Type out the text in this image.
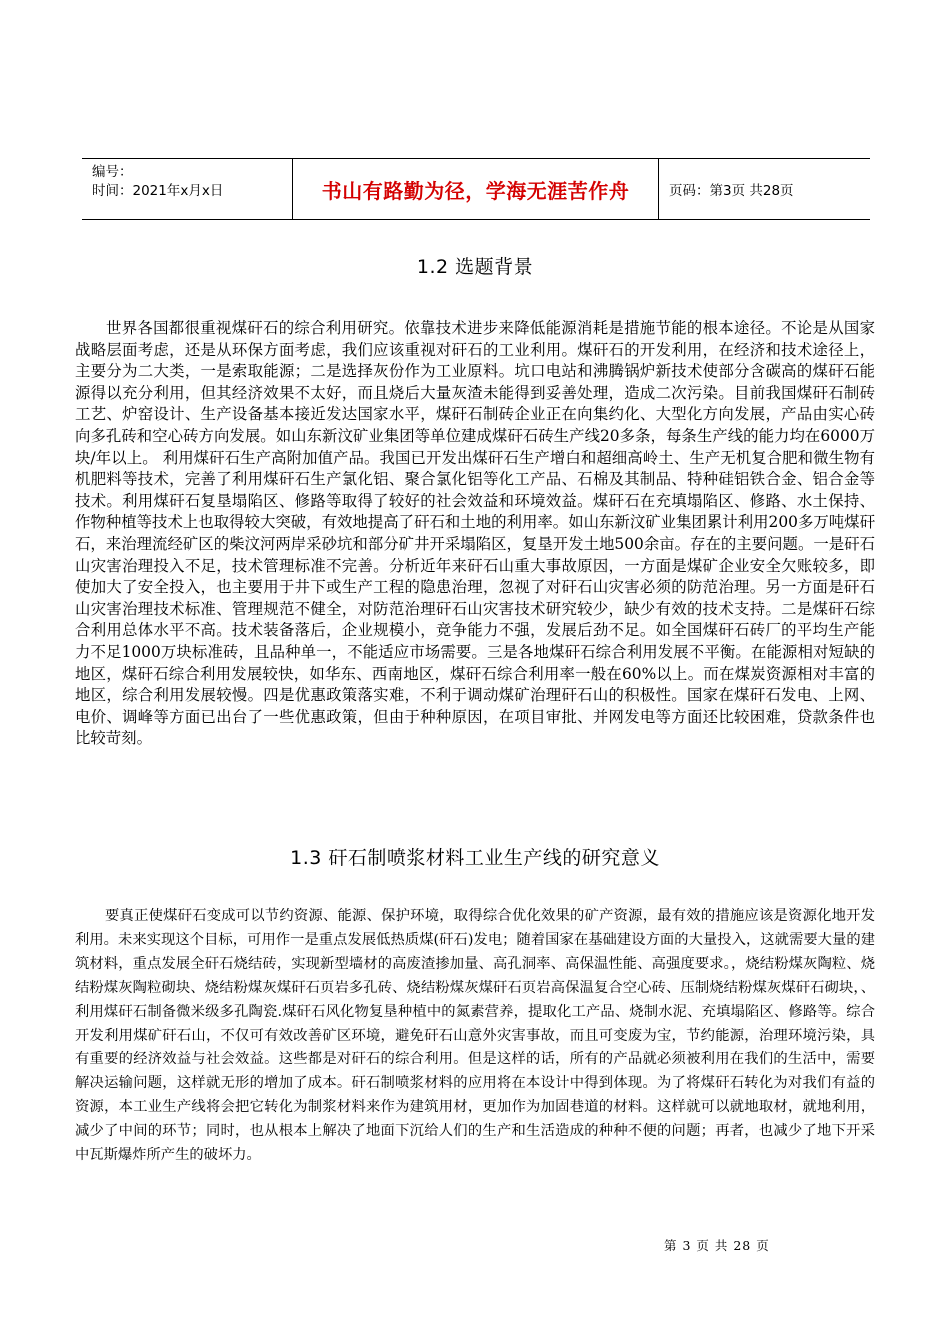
编号：
时间：2021年x月x日	书山有路勤为径，学海无涯苦作舟	页码：第3页 共28页
1.2 选题背景

世界各国都很重视煤矸石的综合利用研究。依靠技术进步来降低能源消耗是措施节能的根本途径。不论是从国家战略层面考虑，还是从环保方面考虑，我们应该重视对矸石的工业利用。煤矸石的开发利用，在经济和技术途径上，主要分为二大类，一是索取能源；二是选择灰份作为工业原料。坑口电站和沸腾锅炉新技术使部分含碳高的煤矸石能源得以充分利用，但其经济效果不太好，而且烧后大量灰渣未能得到妥善处理，造成二次污染。目前我国煤矸石制砖工艺、炉窑设计、生产设备基本接近发达国家水平，煤矸石制砖企业正在向集约化、大型化方向发展，产品由实心砖向多孔砖和空心砖方向发展。如山东新汶矿业集团等单位建成煤矸石砖生产线20多条，每条生产线的能力均在6000万块/年以上。 利用煤矸石生产高附加值产品。我国已开发出煤矸石生产增白和超细高岭土、生产无机复合肥和微生物有机肥料等技术，完善了利用煤矸石生产氯化铝、聚合氯化铝等化工产品、石棉及其制品、特种硅铝铁合金、铝合金等技术。利用煤矸石复垦塌陷区、修路等取得了较好的社会效益和环境效益。煤矸石在充填塌陷区、修路、水土保持、作物种植等技术上也取得较大突破，有效地提高了矸石和土地的利用率。如山东新汶矿业集团累计利用200多万吨煤矸石，来治理流经矿区的柴汶河两岸采砂坑和部分矿井开采塌陷区，复垦开发土地500余亩。存在的主要问题。一是矸石山灾害治理投入不足，技术管理标准不完善。分析近年来矸石山重大事故原因，一方面是煤矿企业安全欠账较多，即使加大了安全投入，也主要用于井下或生产工程的隐患治理，忽视了对矸石山灾害必须的防范治理。另一方面是矸石山灾害治理技术标准、管理规范不健全，对防范治理矸石山灾害技术研究较少，缺少有效的技术支持。二是煤矸石综合利用总体水平不高。技术装备落后，企业规模小，竞争能力不强，发展后劲不足。如全国煤矸石砖厂的平均生产能力不足1000万块标准砖，且品种单一，不能适应市场需要。三是各地煤矸石综合利用发展不平衡。在能源相对短缺的地区，煤矸石综合利用发展较快，如华东、西南地区，煤矸石综合利用率一般在60%以上。而在煤炭资源相对丰富的地区，综合利用发展较慢。四是优惠政策落实难，不利于调动煤矿治理矸石山的积极性。国家在煤矸石发电、上网、电价、调峰等方面已出台了一些优惠政策，但由于种种原因，在项目审批、并网发电等方面还比较困难，贷款条件也比较苛刻。

1.3 矸石制喷浆材料工业生产线的研究意义

要真正使煤矸石变成可以节约资源、能源、保护环境，取得综合优化效果的矿产资源，最有效的措施应该是资源化地开发利用。未来实现这个目标，可用作一是重点发展低热质煤(矸石)发电；随着国家在基础建设方面的大量投入，这就需要大量的建筑材料，重点发展全矸石烧结砖，实现新型墙材的高废渣掺加量、高孔洞率、高保温性能、高强度要求。，烧结粉煤灰陶粒、烧结粉煤灰陶粒砌块、烧结粉煤灰煤矸石页岩多孔砖、烧结粉煤灰煤矸石页岩高保温复合空心砖、压制烧结粉煤灰煤矸石砌块，、利用煤矸石制备微米级多孔陶瓷.煤矸石风化物复垦种植中的氮素营养，提取化工产品、烧制水泥、充填塌陷区、修路等。综合开发利用煤矿矸石山，不仅可有效改善矿区环境，避免矸石山意外灾害事故，而且可变废为宝，节约能源，治理环境污染，具有重要的经济效益与社会效益。这些都是对矸石的综合利用。但是这样的话，所有的产品就必须被利用在我们的生活中，需要解决运输问题，这样就无形的增加了成本。矸石制喷浆材料的应用将在本设计中得到体现。为了将煤矸石转化为对我们有益的资源，本工业生产线将会把它转化为制浆材料来作为建筑用材，更加作为加固巷道的材料。这样就可以就地取材，就地利用，减少了中间的环节；同时，也从根本上解决了地面下沉给人们的生产和生活造成的种种不便的问题；再者，也减少了地下开采中瓦斯爆炸所产生的破坏力。

第 3 页 共 28 页
